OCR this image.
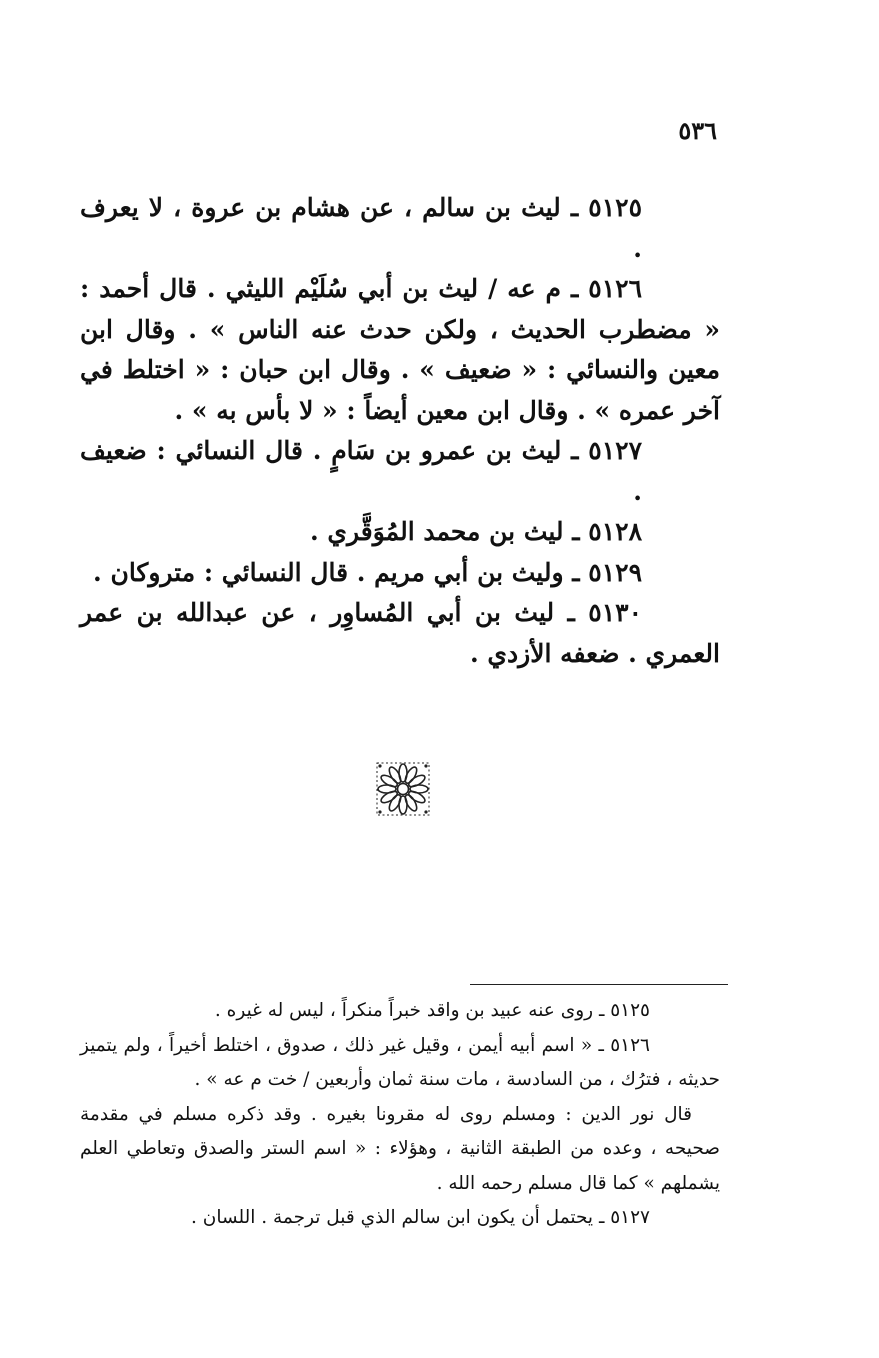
٥٣٦

٥١٢٥ ـ ليث بن سالم ، عن هشام بن عروة ، لا يعرف .

٥١٢٦ ـ م عه / ليث بن أبي سُلَيْم الليثي . قال أحمد : « مضطرب الحديث ، ولكن حدث عنه الناس » . وقال ابن معين والنسائي : « ضعيف » . وقال ابن حبان : « اختلط في آخر عمره » . وقال ابن معين أيضاً : « لا بأس به » .

٥١٢٧ ـ ليث بن عمرو بن سَامٍ . قال النسائي : ضعيف .

٥١٢٨ ـ ليث بن محمد المُوَقَّري .

٥١٢٩ ـ وليث بن أبي مريم . قال النسائي : متروكان .

٥١٣٠ ـ ليث بن أبي المُساوِر ، عن عبدالله بن عمر العمري . ضعفه الأزدي .

٥١٢٥ ـ روى عنه عبيد بن واقد خبراً منكراً ، ليس له غيره .

٥١٢٦ ـ « اسم أبيه أيمن ، وقيل غير ذلك ، صدوق ، اختلط أخيراً ، ولم يتميز حديثه ، فترُك ، من السادسة ، مات سنة ثمان وأربعين / خت م عه » .

قال نور الدين : ومسلم روى له مقرونا بغيره . وقد ذكره مسلم في مقدمة صحيحه ، وعده من الطبقة الثانية ، وهؤلاء : « اسم الستر والصدق وتعاطي العلم يشملهم » كما قال مسلم رحمه الله .

٥١٢٧ ـ يحتمل أن يكون ابن سالم الذي قبل ترجمة . اللسان .
